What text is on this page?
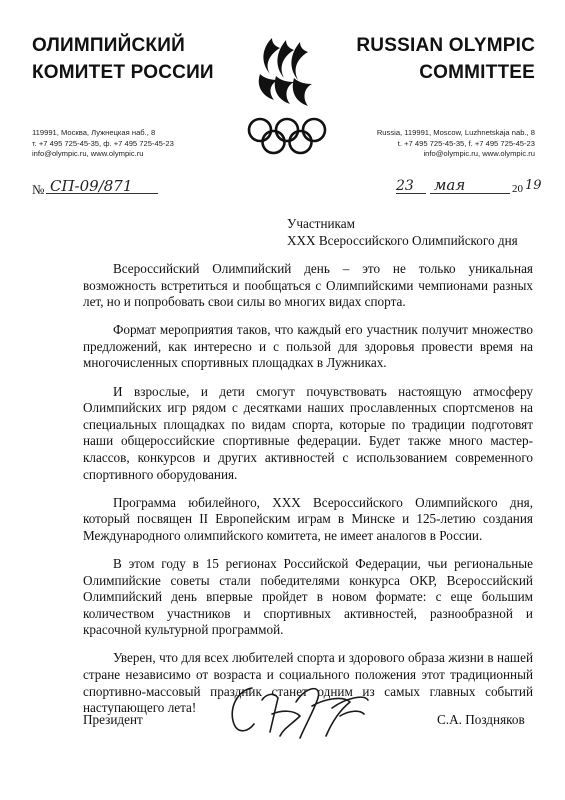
ОЛИМПИЙСКИЙ
КОМИТЕТ РОССИИ
RUSSIAN OLYMPIC
COMMITTEE
119991, Москва, Лужнецкая наб., 8
т. +7 495 725-45-35, ф. +7 495 725-45-23
info@olympic.ru, www.olympic.ru
Russia, 119991, Moscow, Luzhnetskaja nab., 8
t. +7 495 725-45-35, f. +7 495 725-45-23
info@olympic.ru, www.olympic.ru
№ СП-09/871	23 мая	20 19
Участникам
XXX Всероссийского Олимпийского дня

Всероссийский Олимпийский день – это не только уникальная возможность встретиться и пообщаться с Олимпийскими чемпионами разных лет, но и попробовать свои силы во многих видах спорта.

Формат мероприятия таков, что каждый его участник получит множество предложений, как интересно и с пользой для здоровья провести время на многочисленных спортивных площадках в Лужниках.

И взрослые, и дети смогут почувствовать настоящую атмосферу Олимпийских игр рядом с десятками наших прославленных спортсменов на специальных площадках по видам спорта, которые по традиции подготовят наши общероссийские спортивные федерации. Будет также много мастер-классов, конкурсов и других активностей с использованием современного спортивного оборудования.

Программа юбилейного, XXX Всероссийского Олимпийского дня, который посвящен II Европейским играм в Минске и 125-летию создания Международного олимпийского комитета, не имеет аналогов в России.

В этом году в 15 регионах Российской Федерации, чьи региональные Олимпийские советы стали победителями конкурса ОКР, Всероссийский Олимпийский день впервые пройдет в новом формате: с еще большим количеством участников и спортивных активностей, разнообразной и красочной культурной программой.

Уверен, что для всех любителей спорта и здорового образа жизни в нашей стране независимо от возраста и социального положения этот традиционный спортивно-массовый праздник станет одним из самых главных событий наступающего лета!

Президент	С.А. Поздняков
